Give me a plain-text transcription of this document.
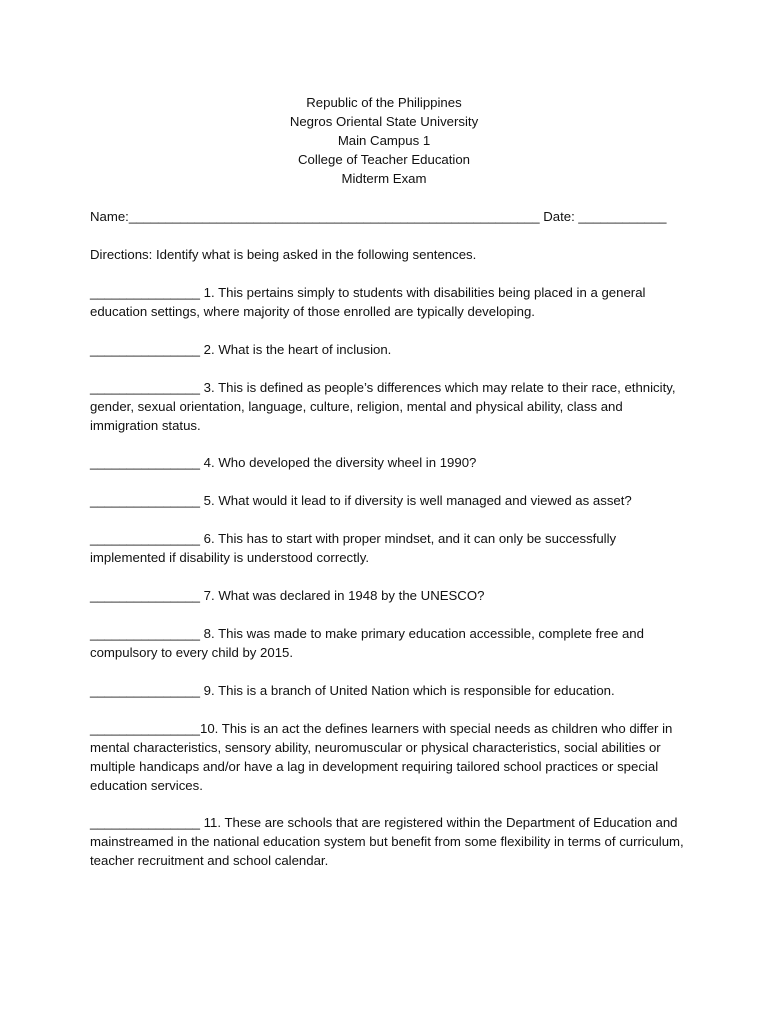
Republic of the Philippines
Negros Oriental State University
Main Campus 1
College of Teacher Education
Midterm Exam
Name:________________________________________________________ Date: ____________
Directions: Identify what is being asked in the following sentences.
_______________ 1. This pertains simply to students with disabilities being placed in a general education settings, where majority of those enrolled are typically developing.
_______________ 2. What is the heart of inclusion.
_______________ 3. This is defined as people’s differences which may relate to their race, ethnicity, gender, sexual orientation, language, culture, religion, mental and physical ability, class and immigration status.
_______________ 4. Who developed the diversity wheel in 1990?
_______________ 5. What would it lead to if diversity is well managed and viewed as asset?
_______________ 6. This has to start with proper mindset, and it can only be successfully implemented if disability is understood correctly.
_______________ 7. What was declared in 1948 by the UNESCO?
_______________ 8. This was made to make primary education accessible, complete free and compulsory to every child by 2015.
_______________ 9. This is a branch of United Nation which is responsible for education.
_______________10. This is an act the defines learners with special needs as children who differ in mental characteristics, sensory ability, neuromuscular or physical characteristics, social abilities or multiple handicaps and/or have a lag in development requiring tailored school practices or special education services.
_______________ 11. These are schools that are registered within the Department of Education and mainstreamed in the national education system but benefit from some flexibility in terms of curriculum, teacher recruitment and school calendar.
